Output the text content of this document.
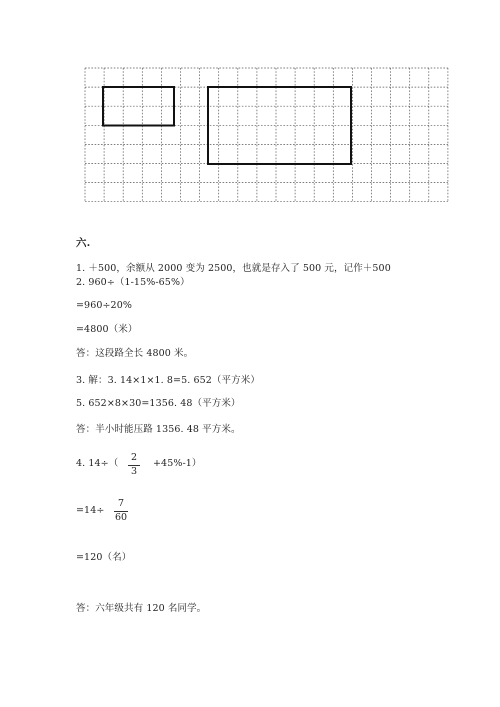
六.
1. ＋500，余额从 2000 变为 2500，也就是存入了 500 元，记作＋500
2. 960÷（1-15%-65%）
=960÷20%
=4800（米）
答：这段路全长 4800 米。
3. 解：3. 14×1×1. 8=5. 652（平方米）
5. 652×8×30=1356. 48（平方米）
答：半小时能压路 1356. 48 平方米。
4. 14÷（
2
3
+45%-1）
=14÷
7
60
=120（名）
答：六年级共有 120 名同学。
